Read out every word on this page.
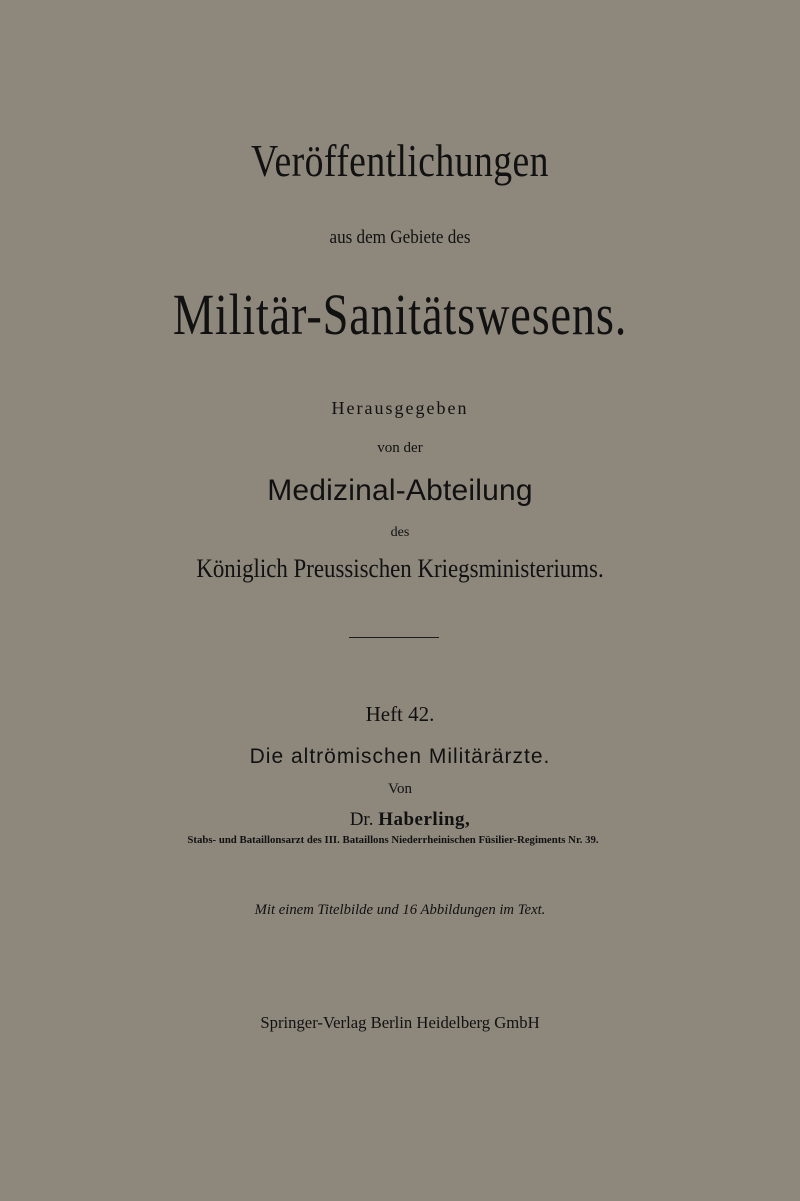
Veröffentlichungen
aus dem Gebiete des
Militär-Sanitätswesens.
Herausgegeben
von der
Medizinal-Abteilung
des
Königlich Preussischen Kriegsministeriums.
Heft 42.
Die altrömischen Militärärzte.
Von
Dr. Haberling,
Stabs- und Bataillonsarzt des III. Bataillons Niederrheinischen Füsilier-Regiments Nr. 39.
Mit einem Titelbilde und 16 Abbildungen im Text.
Springer-Verlag Berlin Heidelberg GmbH
